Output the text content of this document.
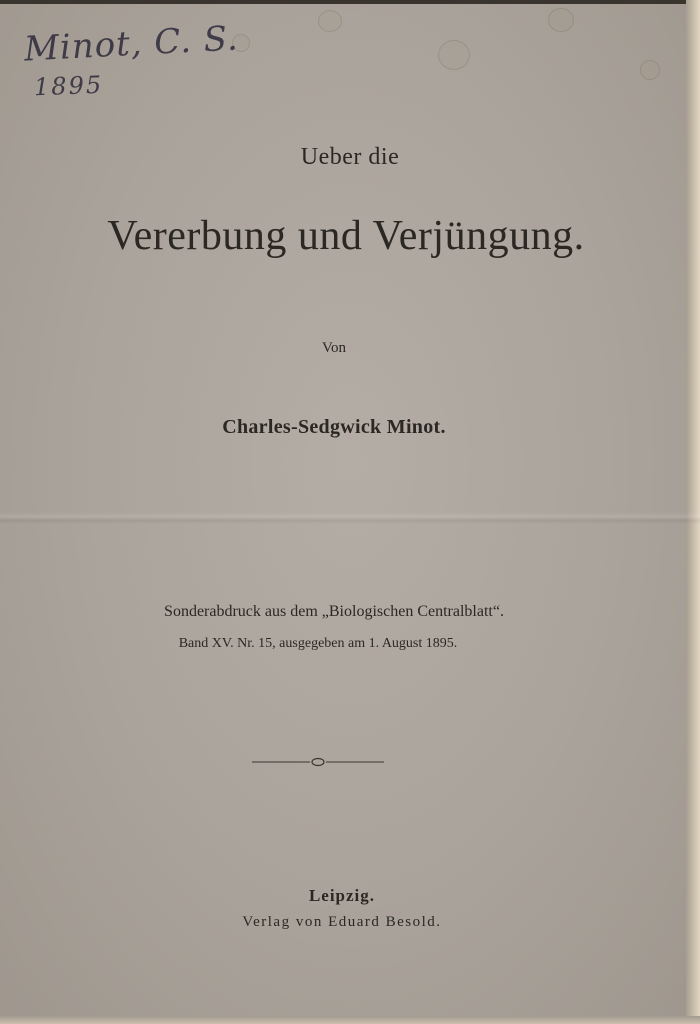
Minot, C. S.
1895
Ueber die
Vererbung und Verjüngung.
Von
Charles-Sedgwick Minot.
Sonderabdruck aus dem „Biologischen Centralblatt“.
Band XV. Nr. 15, ausgegeben am 1. August 1895.
Leipzig.
Verlag von Eduard Besold.
